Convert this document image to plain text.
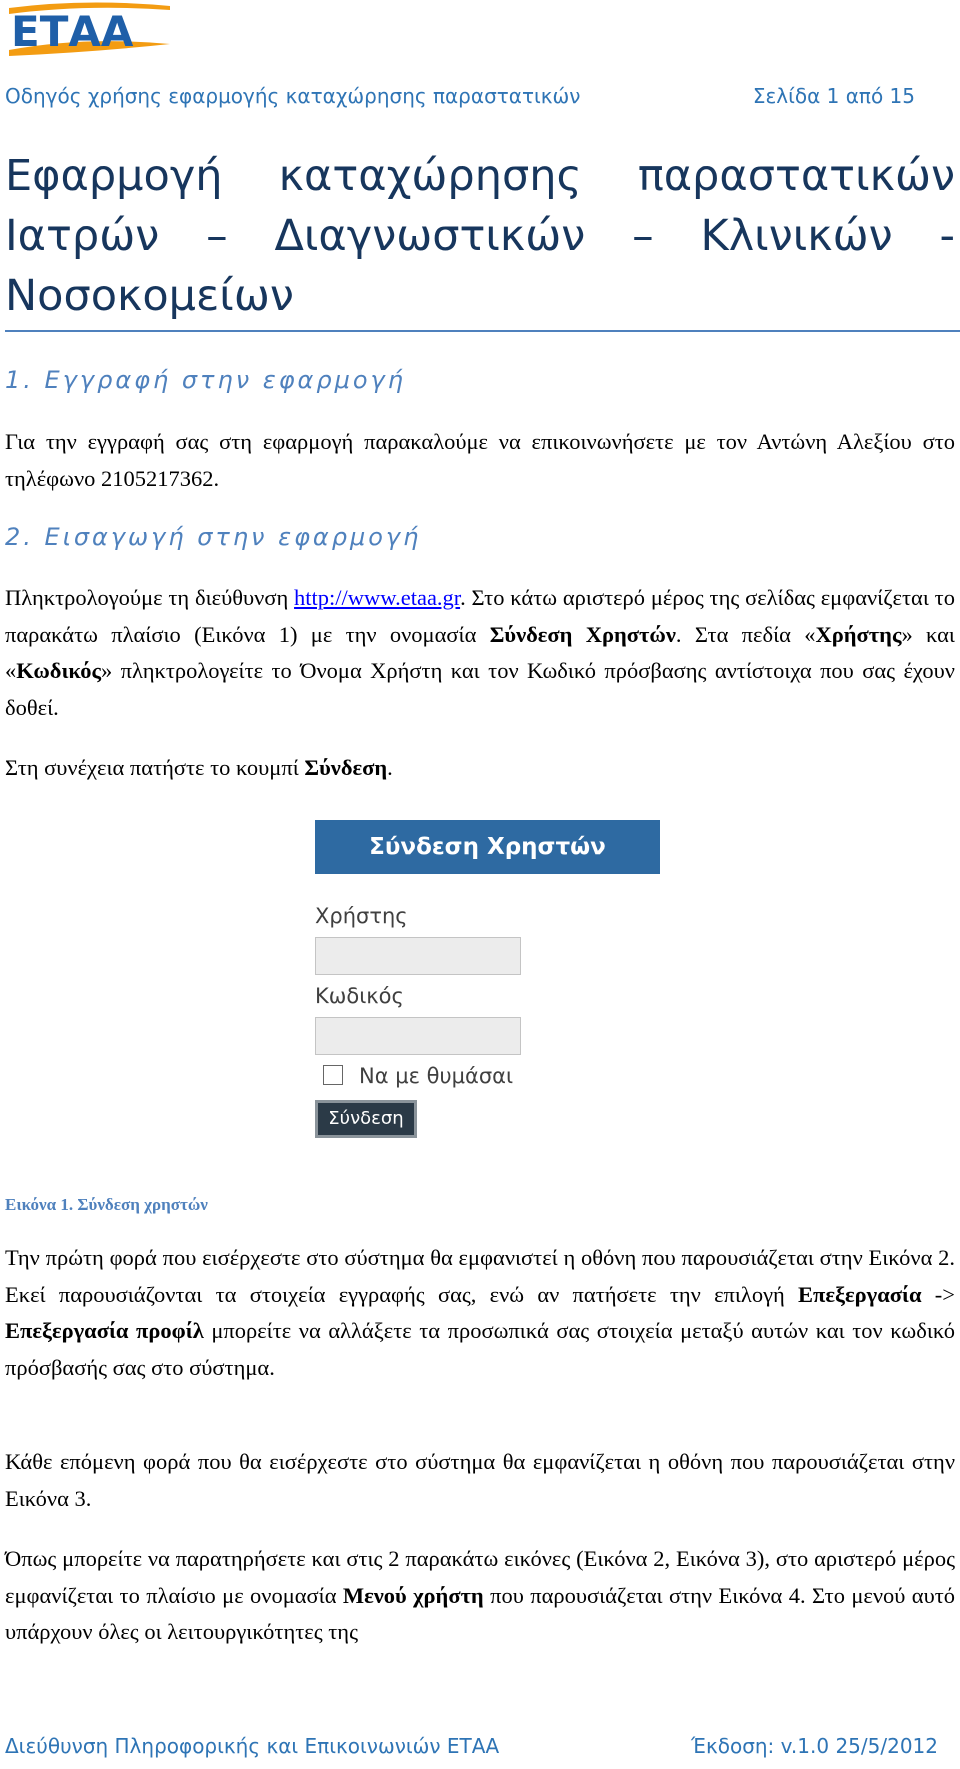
ΕΤΑΑ
Οδηγός χρήσης εφαρμογής καταχώρησης παραστατικών	Σελίδα 1 από 15
Εφαρμογή καταχώρησης παραστατικών Ιατρών – Διαγνωστικών – Κλινικών - Νοσοκομείων
1. Εγγραφή στην εφαρμογή
Για την εγγραφή σας στη εφαρμογή παρακαλούμε να επικοινωνήσετε με τον Αντώνη Αλεξίου στο τηλέφωνο 2105217362.
2. Εισαγωγή στην εφαρμογή
Πληκτρολογούμε τη διεύθυνση http://www.etaa.gr. Στο κάτω αριστερό μέρος της σελίδας εμφανίζεται το παρακάτω πλαίσιο (Εικόνα 1) με την ονομασία Σύνδεση Χρηστών. Στα πεδία «Χρήστης» και «Κωδικός» πληκτρολογείτε το Όνομα Χρήστη και τον Κωδικό πρόσβασης αντίστοιχα που σας έχουν δοθεί.
Στη συνέχεια πατήστε το κουμπί Σύνδεση.
Σύνδεση Χρηστών
Χρήστης
Κωδικός
Να με θυμάσαι
Σύνδεση
Εικόνα 1. Σύνδεση χρηστών
Την πρώτη φορά που εισέρχεστε στο σύστημα θα εμφανιστεί η οθόνη που παρουσιάζεται στην Εικόνα 2. Εκεί παρουσιάζονται τα στοιχεία εγγραφής σας, ενώ αν πατήσετε την επιλογή Επεξεργασία -> Επεξεργασία προφίλ μπορείτε να αλλάξετε τα προσωπικά σας στοιχεία μεταξύ αυτών και τον κωδικό πρόσβασής σας στο σύστημα.
Κάθε επόμενη φορά που θα εισέρχεστε στο σύστημα θα εμφανίζεται η οθόνη που παρουσιάζεται στην Εικόνα 3.
Όπως μπορείτε να παρατηρήσετε και στις 2 παρακάτω εικόνες (Εικόνα 2, Εικόνα 3), στο αριστερό μέρος εμφανίζεται το πλαίσιο με ονομασία Μενού χρήστη που παρουσιάζεται στην Εικόνα 4. Στο μενού αυτό υπάρχουν όλες οι λειτουργικότητες της
Διεύθυνση Πληροφορικής και Επικοινωνιών ΕΤΑΑ	Έκδοση: v.1.0 25/5/2012
